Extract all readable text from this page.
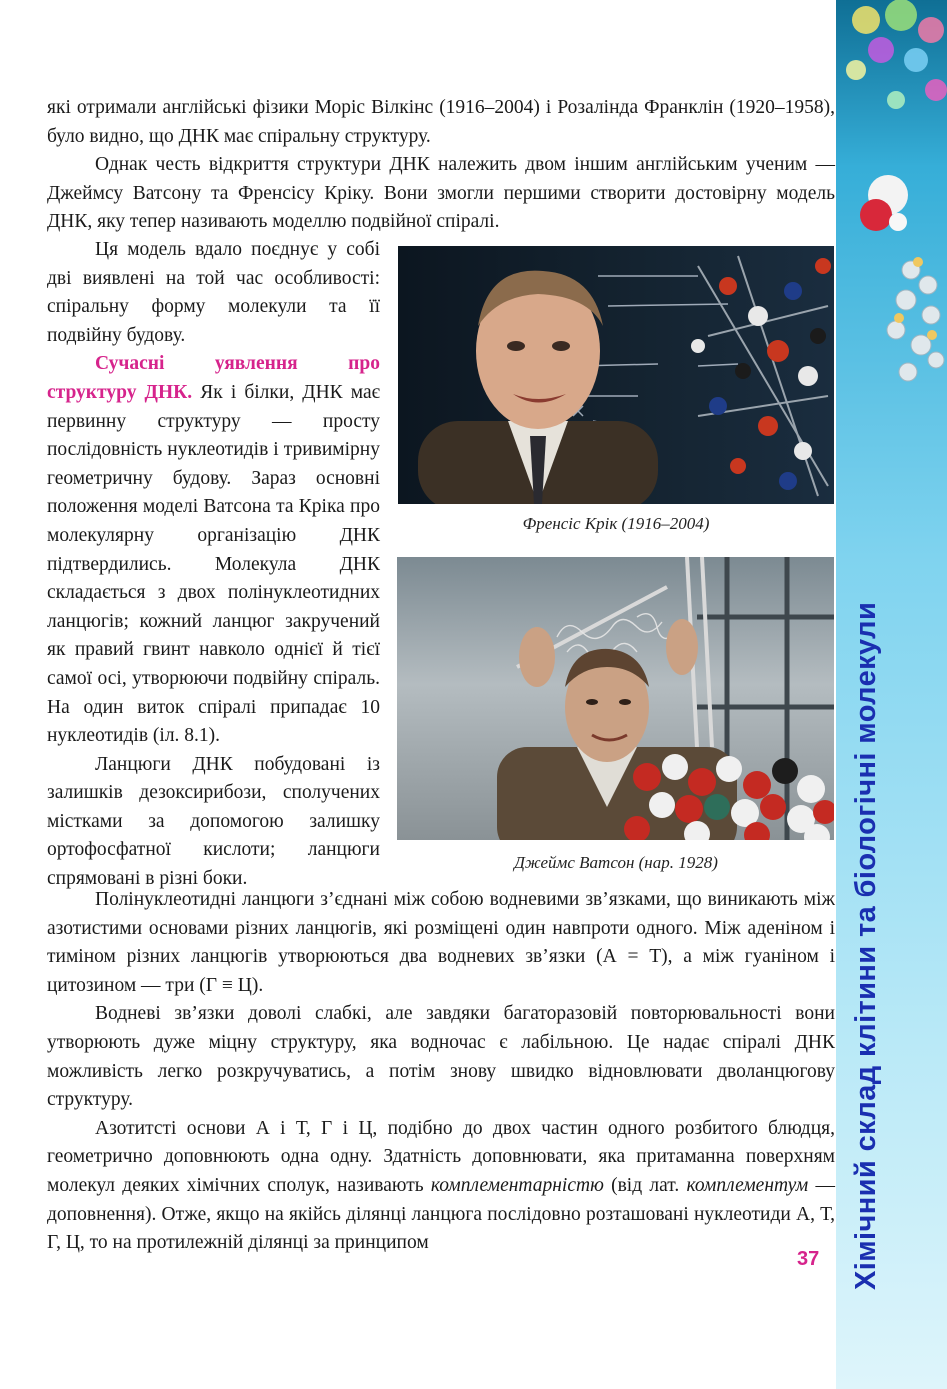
які отримали англійські фізики Моріс Вілкінс (1916–2004) і Розалінда Франклін (1920–1958), було видно, що ДНК має спіральну структуру.

Однак честь відкриття структури ДНК належить двом іншим англійським ученим — Джеймсу Ватсону та Френсісу Кріку. Вони змогли першими створити достовірну модель ДНК, яку тепер називають моделлю подвійної спіралі.

Ця модель вдало поєднує у собі дві виявлені на той час особливості: спіральну форму молекули та її подвійну будову.

Сучасні уявлення про структуру ДНК. Як і білки, ДНК має первинну структуру — просту послідовність нуклеотидів і тривимірну геометричну будову. Зараз основні положення моделі Ватсона та Кріка про молекулярну організацію ДНК підтвердились. Молекула ДНК складається з двох полінуклеотидних ланцюгів; кожний ланцюг закручений як правий гвинт навколо однієї й тієї самої осі, утворюючи подвійну спіраль. На один виток спіралі припадає 10 нуклеотидів (іл. 8.1).

Ланцюги ДНК побудовані із залишків дезоксирибози, сполучених містками за допомогою залишку ортофосфатної кислоти; ланцюги спрямовані в різні боки.

Френсіс Крік (1916–2004)
Джеймс Ватсон (нар. 1928)

Полінуклеотидні ланцюги з’єднані між собою водневими зв’язками, що виникають між азотистими основами різних ланцюгів, які розміщені один навпроти одного. Між аденіном і тиміном різних ланцюгів утворюються два водневих зв’язки (А = Т), а між гуаніном і цитозином — три (Г ≡ Ц).

Водневі зв’язки доволі слабкі, але завдяки багаторазовій повторювальності вони утворюють дуже міцну структуру, яка водночас є лабільною. Це надає спіралі ДНК можливість легко розкручуватись, а потім знову швидко відновлювати дволанцюгову структуру.

Азотитсті основи А і Т, Г і Ц, подібно до двох частин одного розбитого блюдця, геометрично доповнюють одна одну. Здатність доповнювати, яка притаманна поверхням молекул деяких хімічних сполук, називають комплементарністю (від лат. комплементум — доповнення). Отже, якщо на якійсь ділянці ланцюга послідовно розташовані нуклеотиди А, Т, Г, Ц, то на протилежній ділянці за принципом

37 Хімічний склад клітини та біологічні молекули
